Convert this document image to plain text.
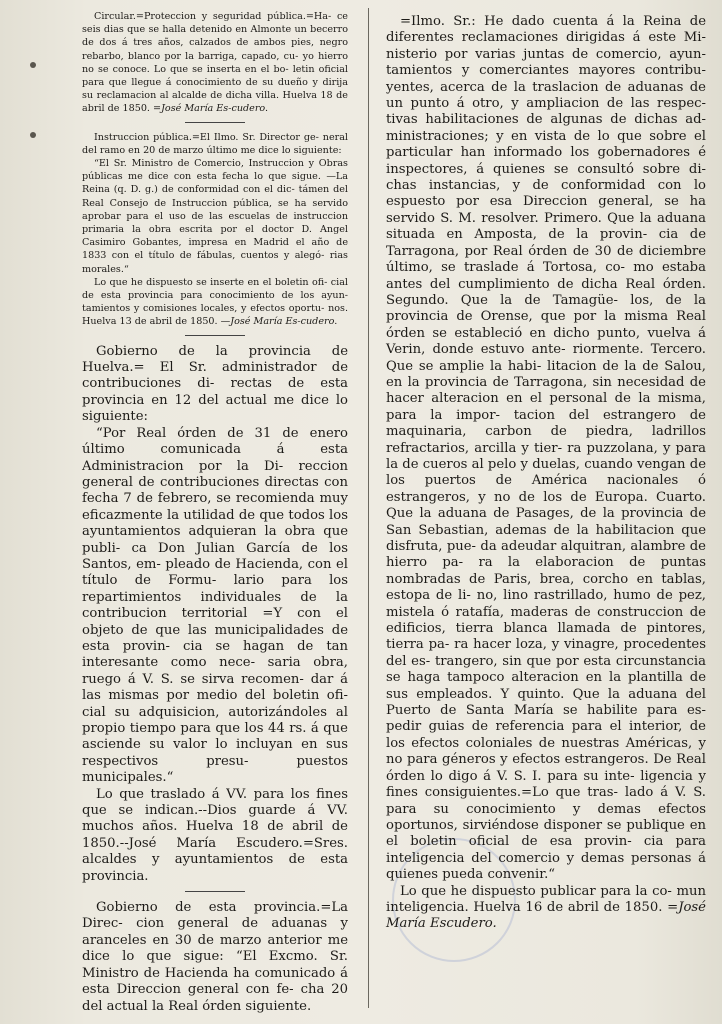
Circular.=Proteccion y seguridad pública.=Ha- ce seis dias que se halla detenido en Almonte un becerro de dos á tres años, calzados de ambos pies, negro rebarbo, blanco por la barriga, capado, cu- yo hierro no se conoce. Lo que se inserta en el bo- letin oficial para que llegue á conocimiento de su dueño y dirija su reclamacion al alcalde de dicha villa. Huelva 18 de abril de 1850. =José María Es-cudero.

Instruccion pública.=El Ilmo. Sr. Director ge- neral del ramo en 20 de marzo último me dice lo siguiente:

“El Sr. Ministro de Comercio, Instruccion y Obras públicas me dice con esta fecha lo que sigue. —La Reina (q. D. g.) de conformidad con el dic- támen del Real Consejo de Instruccion pública, se ha servido aprobar para el uso de las escuelas de instruccion primaria la obra escrita por el doctor D. Angel Casimiro Gobantes, impresa en Madrid el año de 1833 con el título de fábulas, cuentos y alegó- rias morales.“

Lo que he dispuesto se inserte en el boletin ofi- cial de esta provincia para conocimiento de los ayun- tamientos y comisiones locales, y efectos oportu- nos. Huelva 13 de abril de 1850. —José María Es-cudero.

Gobierno de la provincia de Huelva.= El Sr. administrador de contribuciones di- rectas de esta provincia en 12 del actual me dice lo siguiente:

“Por Real órden de 31 de enero último comunicada á esta Administracion por la Di- reccion general de contribuciones directas con fecha 7 de febrero, se recomienda muy eficazmente la utilidad de que todos los ayuntamientos adquieran la obra que publi- ca Don Julian García de los Santos, em- pleado de Hacienda, con el título de Formu- lario para los repartimientos individuales de la contribucion territorial =Y con el objeto de que las municipalidades de esta provin- cia se hagan de tan interesante como nece- saria obra, ruego á V. S. se sirva recomen- dar á las mismas por medio del boletin ofi- cial su adquisicion, autorizándoles al propio tiempo para que los 44 rs. á que asciende su valor lo incluyan en sus respectivos presu- puestos municipales.“

Lo que traslado á VV. para los fines que se indican.--Dios guarde á VV. muchos años. Huelva 18 de abril de 1850.--José María Escudero.=Sres. alcaldes y ayuntamientos de esta provincia.

Gobierno de esta provincia.=La Direc- cion general de aduanas y aranceles en 30 de marzo anterior me dice lo que sigue: “El Excmo. Sr. Ministro de Hacienda ha comunicado á esta Direccion general con fe- cha 20 del actual la Real órden siguiente.

=Ilmo. Sr.: He dado cuenta á la Reina de diferentes reclamaciones dirigidas á este Mi- nisterio por varias juntas de comercio, ayun- tamientos y comerciantes mayores contribu- yentes, acerca de la traslacion de aduanas de un punto á otro, y ampliacion de las respec- tivas habilitaciones de algunas de dichas ad- ministraciones; y en vista de lo que sobre el particular han informado los gobernadores é inspectores, á quienes se consultó sobre di- chas instancias, y de conformidad con lo espuesto por esa Direccion general, se ha servido S. M. resolver. Primero. Que la aduana situada en Amposta, de la provin- cia de Tarragona, por Real órden de 30 de diciembre último, se traslade á Tortosa, co- mo estaba antes del cumplimiento de dicha Real órden. Segundo. Que la de Tamagüe- los, de la provincia de Orense, que por la misma Real órden se estableció en dicho punto, vuelva á Verin, donde estuvo ante- riormente. Tercero. Que se amplie la habi- litacion de la de Salou, en la provincia de Tarragona, sin necesidad de hacer alteracion en el personal de la misma, para la impor- tacion del estrangero de maquinaria, carbon de piedra, ladrillos refractarios, arcilla y tier- ra puzzolana, y para la de cueros al pelo y duelas, cuando vengan de los puertos de América nacionales ó estrangeros, y no de los de Europa. Cuarto. Que la aduana de Pasages, de la provincia de San Sebastian, ademas de la habilitacion que disfruta, pue- da adeudar alquitran, alambre de hierro pa- ra la elaboracion de puntas nombradas de Paris, brea, corcho en tablas, estopa de li- no, lino rastrillado, humo de pez, mistela ó ratafía, maderas de construccion de edificios, tierra blanca llamada de pintores, tierra pa- ra hacer loza, y vinagre, procedentes del es- trangero, sin que por esta circunstancia se haga tampoco alteracion en la plantilla de sus empleados. Y quinto. Que la aduana del Puerto de Santa María se habilite para es- pedir guias de referencia para el interior, de los efectos coloniales de nuestras Américas, y no para géneros y efectos estrangeros. De Real órden lo digo á V. S. I. para su inte- ligencia y fines consiguientes.=Lo que tras- lado á V. S. para su conocimiento y demas efectos oportunos, sirviéndose disponer se publique en el boletin oficial de esa provin- cia para inteligencia del comercio y demas personas á quienes pueda convenir.“

Lo que he dispuesto publicar para la co- mun inteligencia. Huelva 16 de abril de 1850. =José María Escudero.
